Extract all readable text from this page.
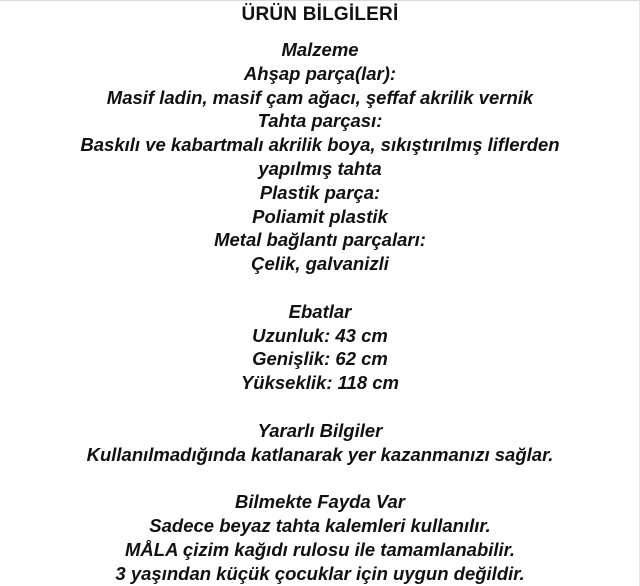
ÜRÜN BİLGİLERİ
Malzeme
Ahşap parça(lar):
Masif ladin, masif çam ağacı, şeffaf akrilik vernik
Tahta parçası:
Baskılı ve kabartmalı akrilik boya, sıkıştırılmış liflerden
yapılmış tahta
Plastik parça:
Poliamit plastik
Metal bağlantı parçaları:
Çelik, galvanizli
Ebatlar
Uzunluk: 43 cm
Genişlik: 62 cm
Yükseklik: 118 cm
Yararlı Bilgiler
Kullanılmadığında katlanarak yer kazanmanızı sağlar.
Bilmekte Fayda Var
Sadece beyaz tahta kalemleri kullanılır.
MÅLA çizim kağıdı rulosu ile tamamlanabilir.
3 yaşından küçük çocuklar için uygun değildir.
